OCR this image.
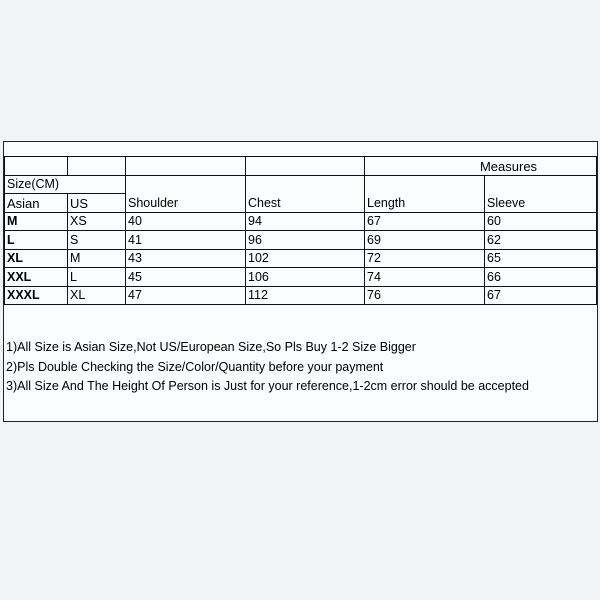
				Measures	
Size(CM)		Shoulder	Chest	Length	Sleeve
Asian	US				
M	XS	40	94	67	60
L	S	41	96	69	62
XL	M	43	102	72	65
XXL	L	45	106	74	66
XXXL	XL	47	112	76	67
1)All Size is Asian Size,Not US/European Size,So Pls Buy 1-2 Size Bigger
2)Pls Double Checking the Size/Color/Quantity before your payment
3)All Size And The Height Of Person is Just for your reference,1-2cm error should be accepted
